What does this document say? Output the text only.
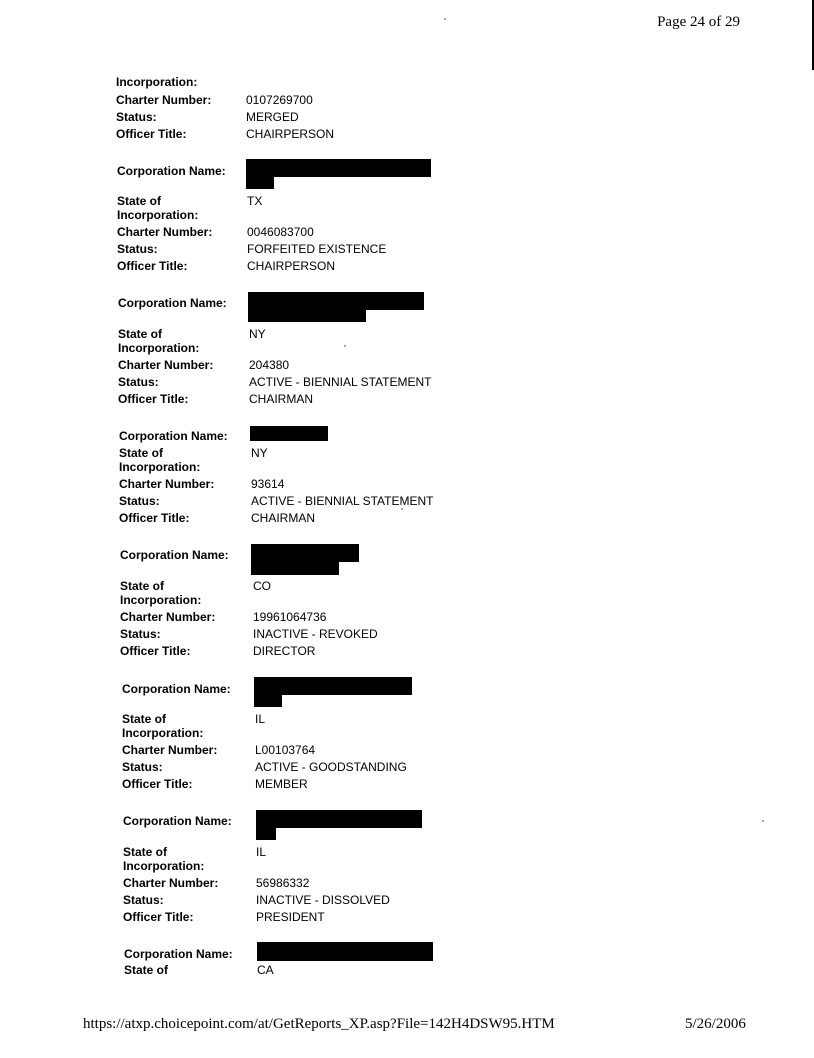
Page 24 of 29
Incorporation:
Charter Number:	0107269700
Status:	MERGED
Officer Title:	CHAIRPERSON
Corporation Name:
State of	TX
Incorporation:
Charter Number:	0046083700
Status:	FORFEITED EXISTENCE
Officer Title:	CHAIRPERSON
Corporation Name:
State of	NY
Incorporation:
Charter Number:	204380
Status:	ACTIVE - BIENNIAL STATEMENT
Officer Title:	CHAIRMAN
Corporation Name:
State of	NY
Incorporation:
Charter Number:	93614
Status:	ACTIVE - BIENNIAL STATEMENT
Officer Title:	CHAIRMAN
Corporation Name:
State of	CO
Incorporation:
Charter Number:	19961064736
Status:	INACTIVE - REVOKED
Officer Title:	DIRECTOR
Corporation Name:
State of	IL
Incorporation:
Charter Number:	L00103764
Status:	ACTIVE - GOODSTANDING
Officer Title:	MEMBER
Corporation Name:
State of	IL
Incorporation:
Charter Number:	56986332
Status:	INACTIVE - DISSOLVED
Officer Title:	PRESIDENT
Corporation Name:
State of	CA
https://atxp.choicepoint.com/at/GetReports_XP.asp?File=142H4DSW95.HTM	5/26/2006
